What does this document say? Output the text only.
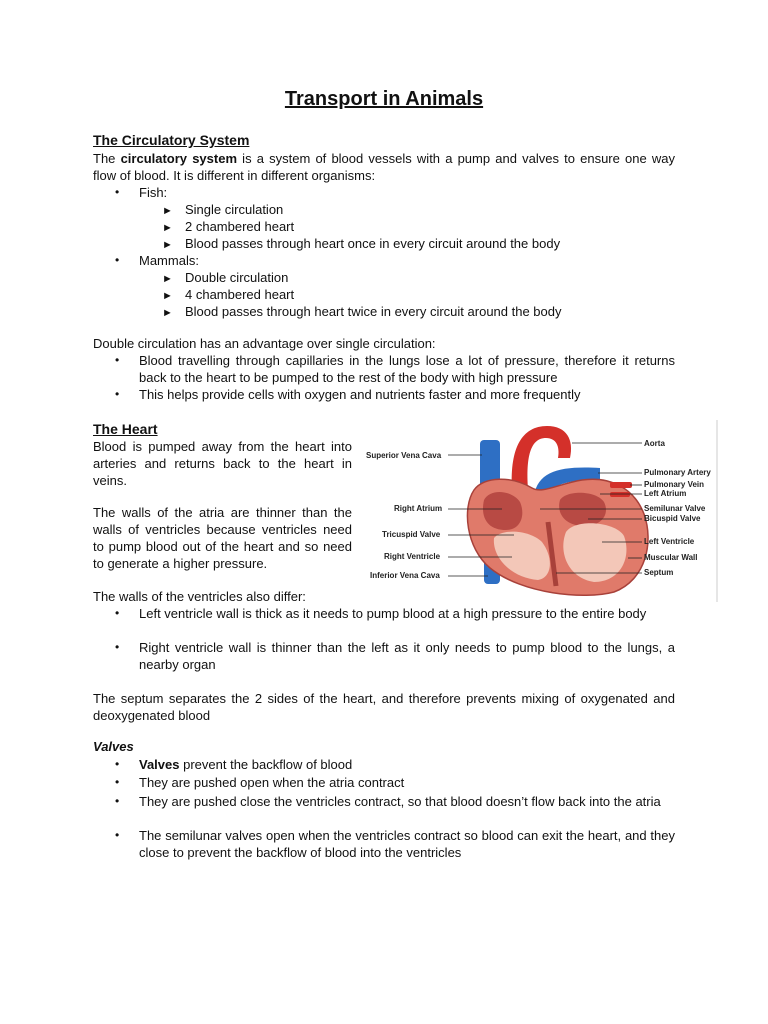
Transport in Animals
The Circulatory System
The circulatory system is a system of blood vessels with a pump and valves to ensure one way flow of blood. It is different in different organisms:
•	Fish:
► Single circulation
► 2 chambered heart
► Blood passes through heart once in every circuit around the body
•	Mammals:
► Double circulation
► 4 chambered heart
► Blood passes through heart twice in every circuit around the body
Double circulation has an advantage over single circulation:
•	Blood travelling through capillaries in the lungs lose a lot of pressure, therefore it returns back to the heart to be pumped to the rest of the body with high pressure
•	This helps provide cells with oxygen and nutrients faster and more frequently
The Heart
Blood is pumped away from the heart into arteries and returns back to the heart in veins.
The walls of the atria are thinner than the walls of ventricles because ventricles need to pump blood out of the heart and so need to generate a higher pressure.
Superior Vena Cava
Right Atrium
Tricuspid Valve
Right Ventricle
Inferior Vena Cava
Aorta
Pulmonary Artery
Pulmonary Vein
Left Atrium
Semilunar Valve
Bicuspid Valve
Left Ventricle
Muscular Wall
Septum
The walls of the ventricles also differ:
•	Left ventricle wall is thick as it needs to pump blood at a high pressure to the entire body
•	Right ventricle wall is thinner than the left as it only needs to pump blood to the lungs, a nearby organ
The septum separates the 2 sides of the heart, and therefore prevents mixing of oxygenated and deoxygenated blood
Valves
•	Valves prevent the backflow of blood
•	They are pushed open when the atria contract
•	They are pushed close the ventricles contract, so that blood doesn’t flow back into the atria
•	The semilunar valves open when the ventricles contract so blood can exit the heart, and they close to prevent the backflow of blood into the ventricles
